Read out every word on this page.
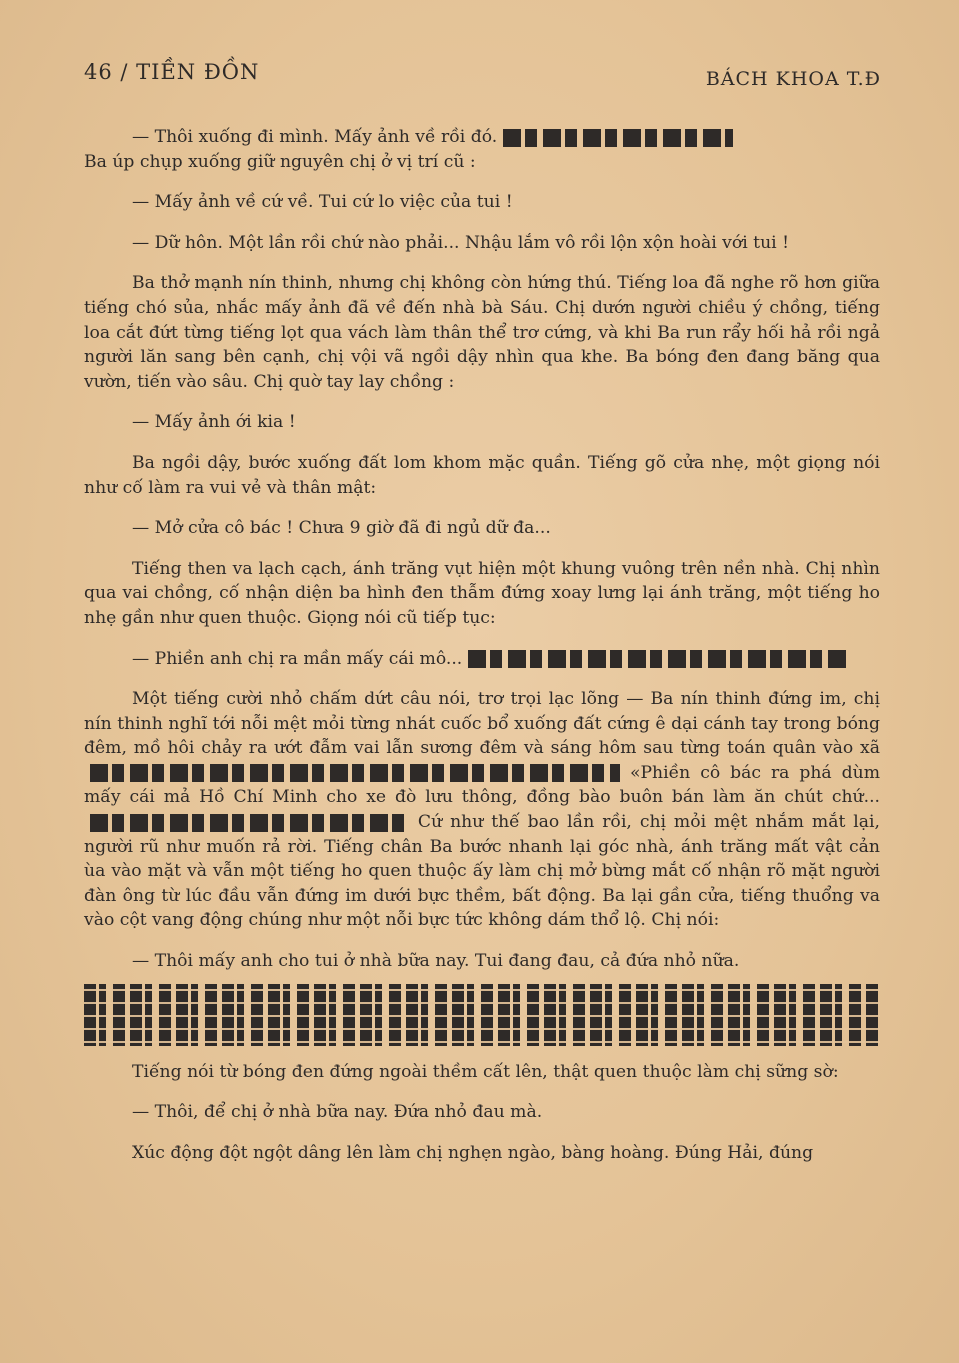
46 / TIỀN ĐỒN	BÁCH KHOA T.Đ

— Thôi xuống đi mình. Mấy ảnh về rồi đó.

Ba úp chụp xuống giữ nguyên chị ở vị trí cũ :

— Mấy ảnh về cứ về. Tui cứ lo việc của tui !

— Dữ hôn. Một lần rồi chứ nào phải... Nhậu lắm vô rồi lộn xộn hoài với tui !

Ba thở mạnh nín thinh, nhưng chị không còn hứng thú. Tiếng loa đã nghe rõ hơn giữa tiếng chó sủa, nhắc mấy ảnh đã về đến nhà bà Sáu. Chị dướn người chiều ý chồng, tiếng loa cắt đứt từng tiếng lọt qua vách làm thân thể trơ cứng, và khi Ba run rẩy hối hả rồi ngả người lăn sang bên cạnh, chị vội vã ngồi dậy nhìn qua khe. Ba bóng đen đang băng qua vườn, tiến vào sâu. Chị quờ tay lay chồng :

— Mấy ảnh ới kia !

Ba ngồi dậy, bước xuống đất lom khom mặc quần. Tiếng gõ cửa nhẹ, một giọng nói như cố làm ra vui vẻ và thân mật:

— Mở cửa cô bác ! Chưa 9 giờ đã đi ngủ dữ đa...

Tiếng then va lạch cạch, ánh trăng vụt hiện một khung vuông trên nền nhà. Chị nhìn qua vai chồng, cố nhận diện ba hình đen thẫm đứng xoay lưng lại ánh trăng, một tiếng ho nhẹ gần như quen thuộc. Giọng nói cũ tiếp tục:

— Phiền anh chị ra mần mấy cái mô...

Một tiếng cười nhỏ chấm dứt câu nói, trơ trọi lạc lõng — Ba nín thinh đứng im, chị nín thinh nghĩ tới nỗi mệt mỏi từng nhát cuốc bổ xuống đất cứng ê dại cánh tay trong bóng đêm, mồ hôi chảy ra ướt đẫm vai lẫn sương đêm và sáng hôm sau từng toán quân vào xã «Phiền cô bác ra phá dùm mấy cái mả Hồ Chí Minh cho xe đò lưu thông, đồng bào buôn bán làm ăn chút chứ... Cứ như thế bao lần rồi, chị mỏi mệt nhắm mắt lại, người rũ như muốn rả rời. Tiếng chân Ba bước nhanh lại góc nhà, ánh trăng mất vật cản ùa vào mặt và vẫn một tiếng ho quen thuộc ấy làm chị mở bừng mắt cố nhận rõ mặt người đàn ông từ lúc đầu vẫn đứng im dưới bực thềm, bất động. Ba lại gần cửa, tiếng thuổng va vào cột vang động chúng như một nỗi bực tức không dám thổ lộ. Chị nói:

— Thôi mấy anh cho tui ở nhà bữa nay. Tui đang đau, cả đứa nhỏ nữa.

Tiếng nói từ bóng đen đứng ngoài thềm cất lên, thật quen thuộc làm chị sững sờ:

— Thôi, để chị ở nhà bữa nay. Đứa nhỏ đau mà.

Xúc động đột ngột dâng lên làm chị nghẹn ngào, bàng hoàng. Đúng Hải, đúng
